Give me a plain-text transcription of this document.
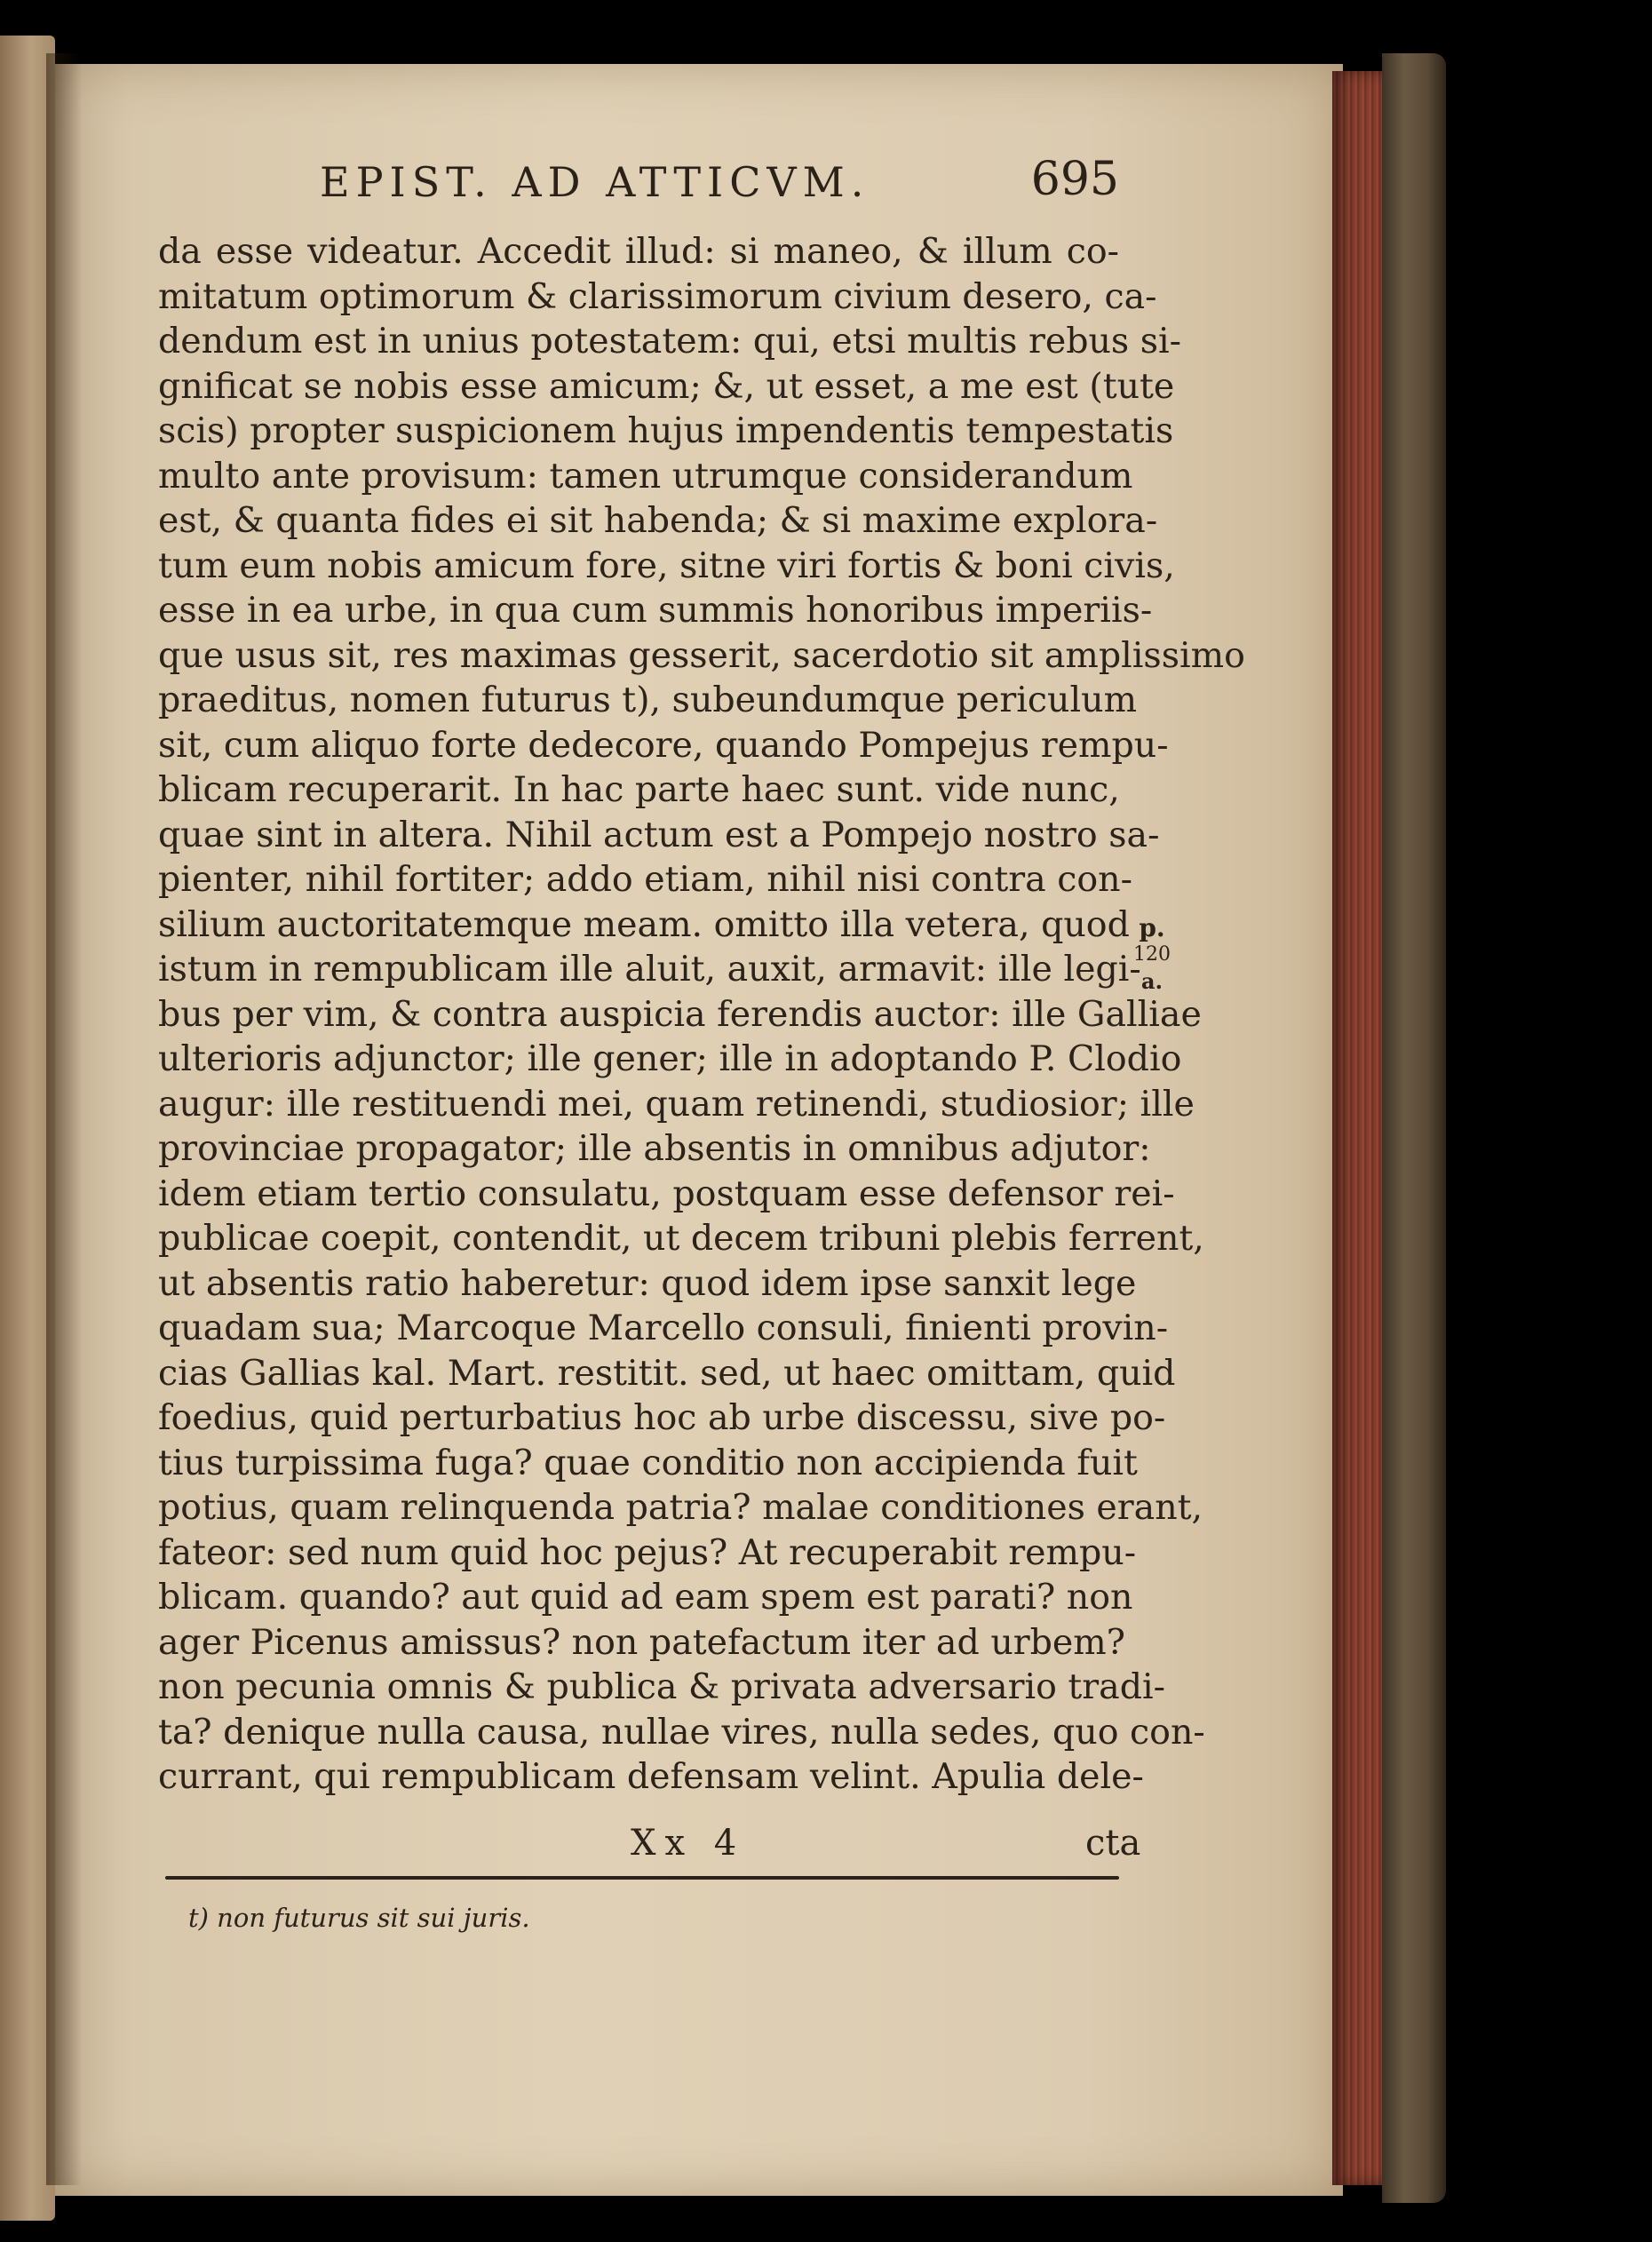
EPIST. AD ATTICVM.	695
da esse videatur. Accedit illud: si maneo, & illum co-
mitatum optimorum & clarissimorum civium desero, ca-
dendum est in unius potestatem: qui, etsi multis rebus si-
gnificat se nobis esse amicum; &, ut esset, a me est (tute
scis) propter suspicionem hujus impendentis tempestatis
multo ante provisum: tamen utrumque considerandum
est, & quanta fides ei sit habenda; & si maxime explora-
tum eum nobis amicum fore, sitne viri fortis & boni civis,
esse in ea urbe, in qua cum summis honoribus imperiis-
que usus sit, res maximas gesserit, sacerdotio sit amplissimo
praeditus, nomen futurus t), subeundumque periculum
sit, cum aliquo forte dedecore, quando Pompejus rempu-
blicam recuperarit. In hac parte haec sunt. vide nunc,
quae sint in altera. Nihil actum est a Pompejo nostro sa-
pienter, nihil fortiter; addo etiam, nihil nisi contra con-
silium auctoritatemque meam. omitto illa vetera, quod
istum in rempublicam ille aluit, auxit, armavit: ille legi-
bus per vim, & contra auspicia ferendis auctor: ille Galliae
ulterioris adjunctor; ille gener; ille in adoptando P. Clodio
augur: ille restituendi mei, quam retinendi, studiosior; ille
provinciae propagator; ille absentis in omnibus adjutor:
idem etiam tertio consulatu, postquam esse defensor rei-
publicae coepit, contendit, ut decem tribuni plebis ferrent,
ut absentis ratio haberetur: quod idem ipse sanxit lege
quadam sua; Marcoque Marcello consuli, finienti provin-
cias Gallias kal. Mart. restitit. sed, ut haec omittam, quid
foedius, quid perturbatius hoc ab urbe discessu, sive po-
tius turpissima fuga? quae conditio non accipienda fuit
potius, quam relinquenda patria? malae conditiones erant,
fateor: sed num quid hoc pejus? At recuperabit rempu-
blicam. quando? aut quid ad eam spem est parati? non
ager Picenus amissus? non patefactum iter ad urbem?
non pecunia omnis & publica & privata adversario tradi-
ta? denique nulla causa, nullae vires, nulla sedes, quo con-
currant, qui rempublicam defensam velint. Apulia dele-
p.
120
a.
Xx 4	cta
t) non futurus sit sui juris.
